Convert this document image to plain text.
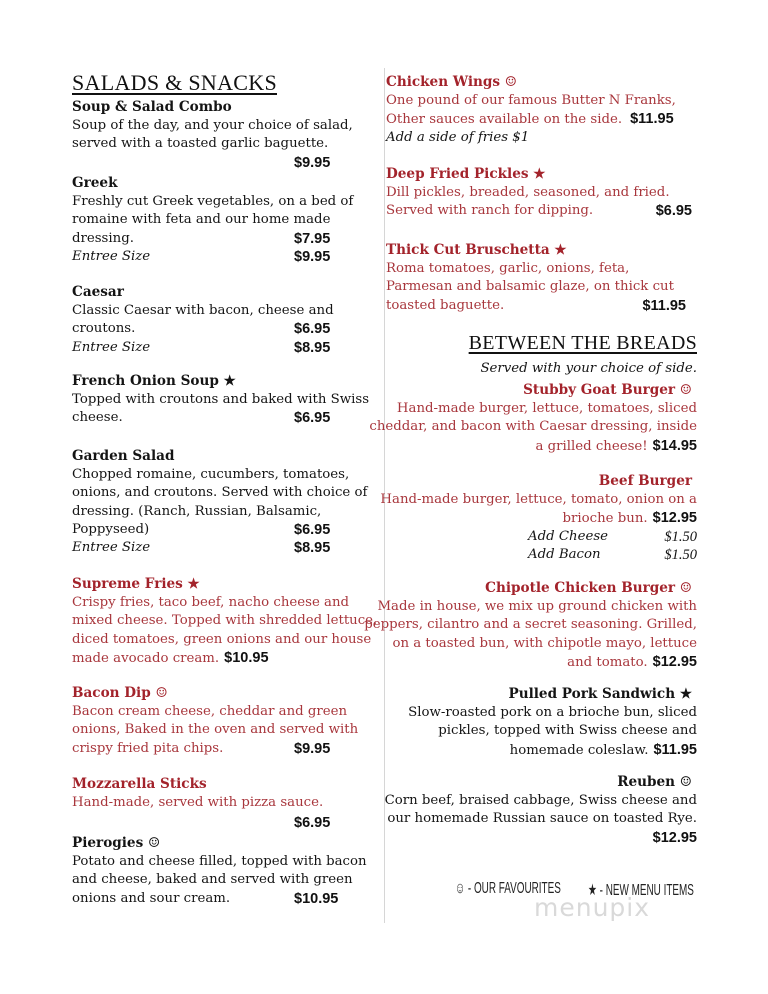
SALADS & SNACKS
Soup & Salad Combo
Soup of the day, and your choice of salad,
served with a toasted garlic baguette.
$9.95
Greek
Freshly cut Greek vegetables, on a bed of
romaine with feta and our home made
dressing.	$7.95
Entree Size	$9.95
Caesar
Classic Caesar with bacon, cheese and
croutons.	$6.95
Entree Size	$8.95
French Onion Soup ★
Topped with croutons and baked with Swiss
cheese.	$6.95
Garden Salad
Chopped romaine, cucumbers, tomatoes,
onions, and croutons. Served with choice of
dressing. (Ranch, Russian, Balsamic,
Poppyseed)	$6.95
Entree Size	$8.95
Supreme Fries ★
Crispy fries, taco beef, nacho cheese and
mixed cheese. Topped with shredded lettuce,
diced tomatoes, green onions and our house
made avocado cream. $10.95
Bacon Dip ☺
Bacon cream cheese, cheddar and green
onions, Baked in the oven and served with
crispy fried pita chips.	$9.95
Mozzarella Sticks
Hand-made, served with pizza sauce.
$6.95
Pierogies ☺
Potato and cheese filled, topped with bacon
and cheese, baked and served with green
onions and sour cream.	$10.95
Chicken Wings ☺
One pound of our famous Butter N Franks,
Other sauces available on the side. $11.95
Add a side of fries $1
Deep Fried Pickles ★
Dill pickles, breaded, seasoned, and fried.
Served with ranch for dipping.	$6.95
Thick Cut Bruschetta ★
Roma tomatoes, garlic, onions, feta,
Parmesan and balsamic glaze, on thick cut
toasted baguette.	$11.95
Stubby Goat Burger ☺
Hand-made burger, lettuce, tomatoes, sliced
cheddar, and bacon with Caesar dressing, inside
a grilled cheese! $14.95
Beef Burger
Hand-made burger, lettuce, tomato, onion on a
brioche bun. $12.95
Add Cheese	$1.50
Add Bacon	$1.50
Chipotle Chicken Burger ☺
Made in house, we mix up ground chicken with
peppers, cilantro and a secret seasoning. Grilled,
on a toasted bun, with chipotle mayo, lettuce
and tomato. $12.95
Pulled Pork Sandwich ★
Slow-roasted pork on a brioche bun, sliced
pickles, topped with Swiss cheese and
homemade coleslaw. $11.95
Reuben ☺
Corn beef, braised cabbage, Swiss cheese and
our homemade Russian sauce on toasted Rye.
$12.95
BETWEEN THE BREADS
Served with your choice of side.
☺ - OUR FAVOURITES ★ - NEW MENU ITEMS
menupix
